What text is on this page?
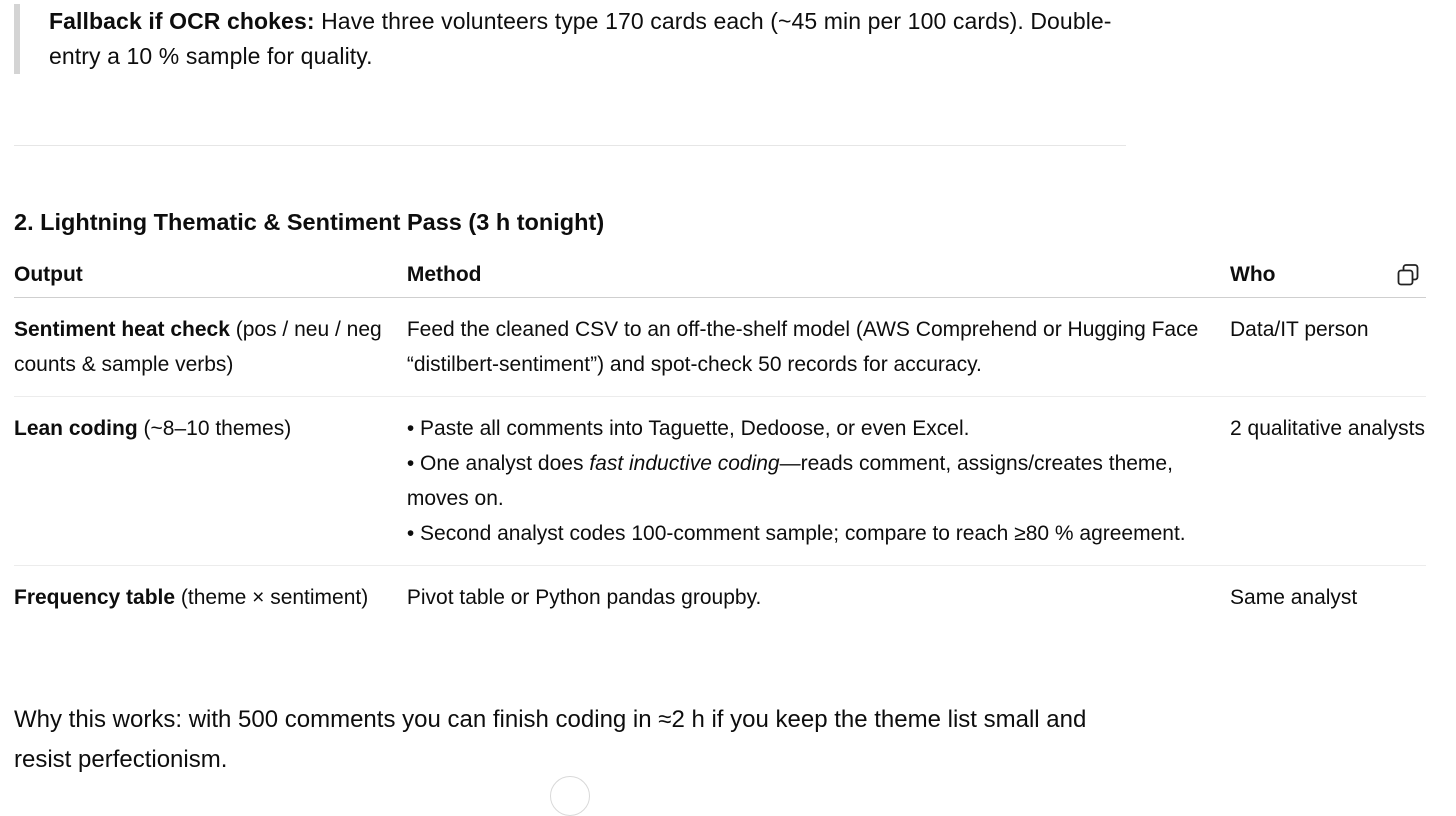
Fallback if OCR chokes: Have three volunteers type 170 cards each (~45 min per 100 cards). Double-entry a 10 % sample for quality.
2. Lightning Thematic & Sentiment Pass (3 h tonight)
Output	Method	Who
Sentiment heat check (pos / neu / neg counts & sample verbs)	Feed the cleaned CSV to an off-the-shelf model (AWS Comprehend or Hugging Face “distilbert-sentiment”) and spot-check 50 records for accuracy.	Data/IT person
Lean coding (~8–10 themes)	• Paste all comments into Taguette, Dedoose, or even Excel.
• One analyst does fast inductive coding—reads comment, assigns/creates theme, moves on.
• Second analyst codes 100-comment sample; compare to reach ≥80 % agreement.	2 qualitative analysts
Frequency table (theme × sentiment)	Pivot table or Python pandas groupby.	Same analyst

Why this works: with 500 comments you can finish coding in ≈2 h if you keep the theme list small and resist perfectionism.
